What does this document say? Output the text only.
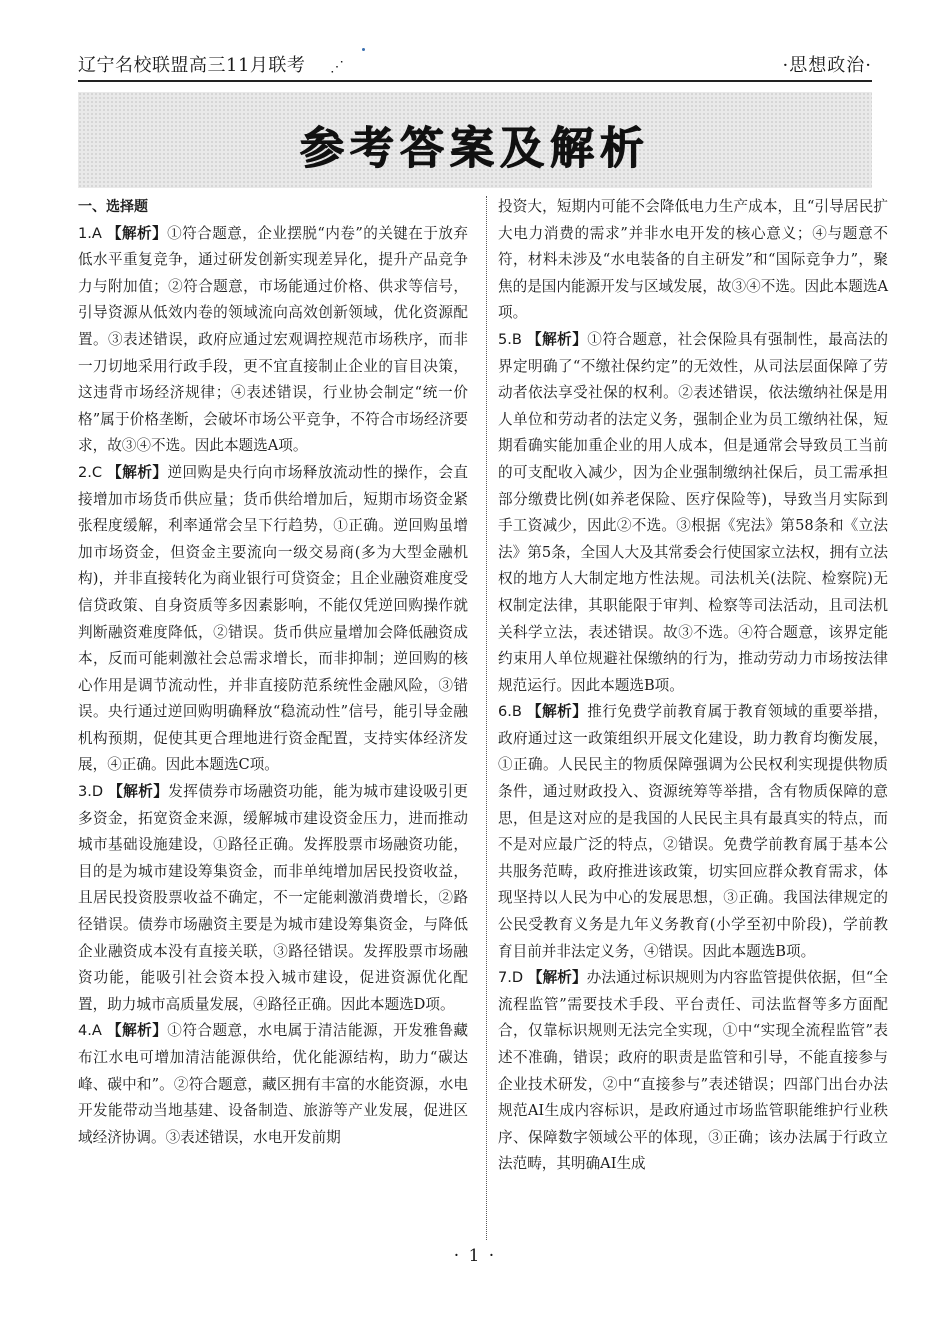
辽宁名校联盟高三11月联考 ⋰	·思想政治·
参考答案及解析
一、选择题

1.A 【解析】①符合题意，企业摆脱“内卷”的关键在于放弃低水平重复竞争，通过研发创新实现差异化，提升产品竞争力与附加值；②符合题意，市场能通过价格、供求等信号，引导资源从低效内卷的领域流向高效创新领域，优化资源配置。③表述错误，政府应通过宏观调控规范市场秩序，而非一刀切地采用行政手段，更不宜直接制止企业的盲目决策，这违背市场经济规律；④表述错误，行业协会制定“统一价格”属于价格垄断，会破坏市场公平竞争，不符合市场经济要求，故③④不选。因此本题选A项。

2.C 【解析】逆回购是央行向市场释放流动性的操作，会直接增加市场货币供应量；货币供给增加后，短期市场资金紧张程度缓解，利率通常会呈下行趋势，①正确。逆回购虽增加市场资金，但资金主要流向一级交易商(多为大型金融机构)，并非直接转化为商业银行可贷资金；且企业融资难度受信贷政策、自身资质等多因素影响，不能仅凭逆回购操作就判断融资难度降低，②错误。货币供应量增加会降低融资成本，反而可能刺激社会总需求增长，而非抑制；逆回购的核心作用是调节流动性，并非直接防范系统性金融风险，③错误。央行通过逆回购明确释放“稳流动性”信号，能引导金融机构预期，促使其更合理地进行资金配置，支持实体经济发展，④正确。因此本题选C项。

3.D 【解析】发挥债券市场融资功能，能为城市建设吸引更多资金，拓宽资金来源，缓解城市建设资金压力，进而推动城市基础设施建设，①路径正确。发挥股票市场融资功能，目的是为城市建设筹集资金，而非单纯增加居民投资收益，且居民投资股票收益不确定，不一定能刺激消费增长，②路径错误。债券市场融资主要是为城市建设筹集资金，与降低企业融资成本没有直接关联，③路径错误。发挥股票市场融资功能，能吸引社会资本投入城市建设，促进资源优化配置，助力城市高质量发展，④路径正确。因此本题选D项。

4.A 【解析】①符合题意，水电属于清洁能源，开发雅鲁藏布江水电可增加清洁能源供给，优化能源结构，助力“碳达峰、碳中和”。②符合题意，藏区拥有丰富的水能资源，水电开发能带动当地基建、设备制造、旅游等产业发展，促进区域经济协调。③表述错误，水电开发前期

投资大，短期内可能不会降低电力生产成本，且“引导居民扩大电力消费的需求”并非水电开发的核心意义；④与题意不符，材料未涉及“水电装备的自主研发”和“国际竞争力”，聚焦的是国内能源开发与区域发展，故③④不选。因此本题选A项。

5.B 【解析】①符合题意，社会保险具有强制性，最高法的界定明确了“不缴社保约定”的无效性，从司法层面保障了劳动者依法享受社保的权利。②表述错误，依法缴纳社保是用人单位和劳动者的法定义务，强制企业为员工缴纳社保，短期看确实能加重企业的用人成本，但是通常会导致员工当前的可支配收入减少，因为企业强制缴纳社保后，员工需承担部分缴费比例(如养老保险、医疗保险等)，导致当月实际到手工资减少，因此②不选。③根据《宪法》第58条和《立法法》第5条，全国人大及其常委会行使国家立法权，拥有立法权的地方人大制定地方性法规。司法机关(法院、检察院)无权制定法律，其职能限于审判、检察等司法活动，且司法机关科学立法，表述错误。故③不选。④符合题意，该界定能约束用人单位规避社保缴纳的行为，推动劳动力市场按法律规范运行。因此本题选B项。

6.B 【解析】推行免费学前教育属于教育领域的重要举措，政府通过这一政策组织开展文化建设，助力教育均衡发展，①正确。人民民主的物质保障强调为公民权利实现提供物质条件，通过财政投入、资源统筹等举措，含有物质保障的意思，但是这对应的是我国的人民民主具有最真实的特点，而不是对应最广泛的特点，②错误。免费学前教育属于基本公共服务范畴，政府推进该政策，切实回应群众教育需求，体现坚持以人民为中心的发展思想，③正确。我国法律规定的公民受教育义务是九年义务教育(小学至初中阶段)，学前教育目前并非法定义务，④错误。因此本题选B项。

7.D 【解析】办法通过标识规则为内容监管提供依据，但“全流程监管”需要技术手段、平台责任、司法监督等多方面配合，仅靠标识规则无法完全实现，①中“实现全流程监管”表述不准确，错误；政府的职责是监管和引导，不能直接参与企业技术研发，②中“直接参与”表述错误；四部门出台办法规范AI生成内容标识，是政府通过市场监管职能维护行业秩序、保障数字领域公平的体现，③正确；该办法属于行政立法范畴，其明确AI生成

· 1 ·
